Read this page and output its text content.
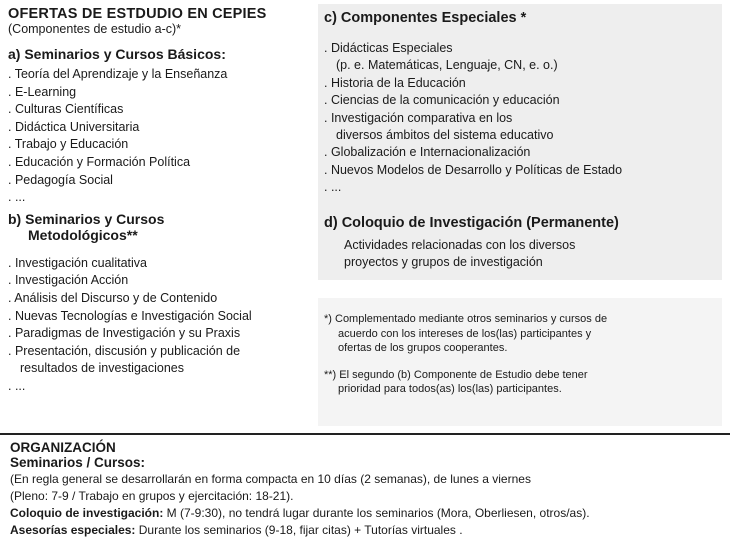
OFERTAS DE ESTDUDIO EN CEPIES
(Componentes de estudio a-c)*
a) Seminarios y Cursos Básicos:
. Teoría del Aprendizaje y la Enseñanza
. E-Learning
. Culturas Científicas
. Didáctica Universitaria
. Trabajo y Educación
. Educación y Formación Política
. Pedagogía Social
. ...
b) Seminarios y Cursos
Metodológicos**
. Investigación cualitativa
. Investigación Acción
. Análisis del Discurso y de Contenido
. Nuevas Tecnologías e Investigación Social
. Paradigmas de Investigación y su Praxis
. Presentación, discusión y publicación de
resultados de investigaciones
. ...
c) Componentes Especiales *
. Didácticas Especiales
(p. e. Matemáticas, Lenguaje, CN, e. o.)
. Historia de la Educación
. Ciencias de la comunicación y educación
. Investigación comparativa en los
diversos ámbitos del sistema educativo
. Globalización e Internacionalización
. Nuevos Modelos de Desarrollo y Políticas de Estado
. ...
d) Coloquio de Investigación (Permanente)
Actividades relacionadas con los diversos
proyectos y grupos de investigación
*) Complementado mediante otros seminarios y cursos de
acuerdo con los intereses de los(las) participantes y
ofertas de los grupos cooperantes.
**) El segundo (b) Componente de Estudio debe tener
prioridad para todos(as) los(las) participantes.
ORGANIZACIÓN
Seminarios / Cursos:

(En regla general se desarrollarán en forma compacta en 10 días (2 semanas), de lunes a viernes

(Pleno: 7-9 / Trabajo en grupos y ejercitación: 18-21).

Coloquio de investigación: M (7-9:30), no tendrá lugar durante los seminarios (Mora, Oberliesen, otros/as).

Asesorías especiales: Durante los seminarios (9-18, fijar citas) + Tutorías virtuales .
